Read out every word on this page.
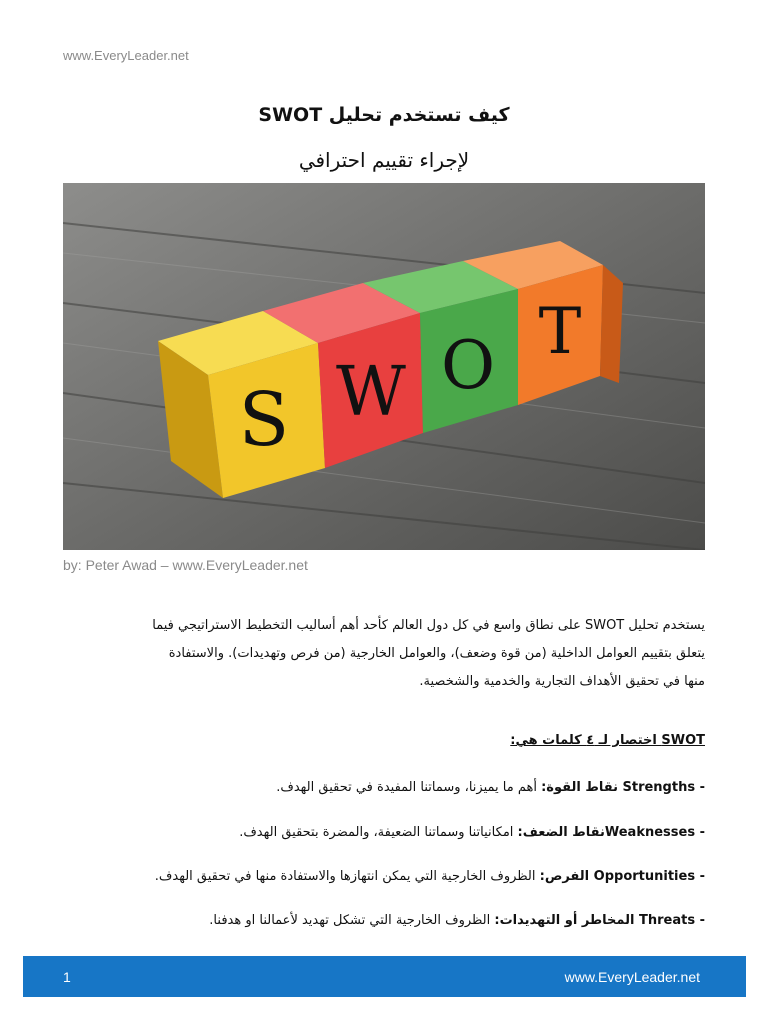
www.EveryLeader.net
كيف تستخدم تحليل SWOT
لإجراء تقييم احترافي
S W O T
by: Peter Awad – www.EveryLeader.net

يستخدم تحليل SWOT على نطاق واسع في كل دول العالم كأحد أهم أساليب التخطيط الاستراتيجي فيما
يتعلق بتقييم العوامل الداخلية (من قوة وضعف)، والعوامل الخارجية (من فرص وتهديدات). والاستفادة
منها في تحقيق الأهداف التجارية والخدمية والشخصية.

SWOT اختصار لـ ٤ كلمات هي:

- Strengths نقاط القوة: أهم ما يميزنا، وسماتنا المفيدة في تحقيق الهدف.

- Weaknessesنقاط الضعف: امكانياتنا وسماتنا الضعيفة، والمضرة بتحقيق الهدف.

- Opportunities الفرص: الظروف الخارجية التي يمكن انتهازها والاستفادة منها في تحقيق الهدف.

- Threats المخاطر أو التهديدات: الظروف الخارجية التي تشكل تهديد لأعمالنا او هدفنا.

1	www.EveryLeader.net
